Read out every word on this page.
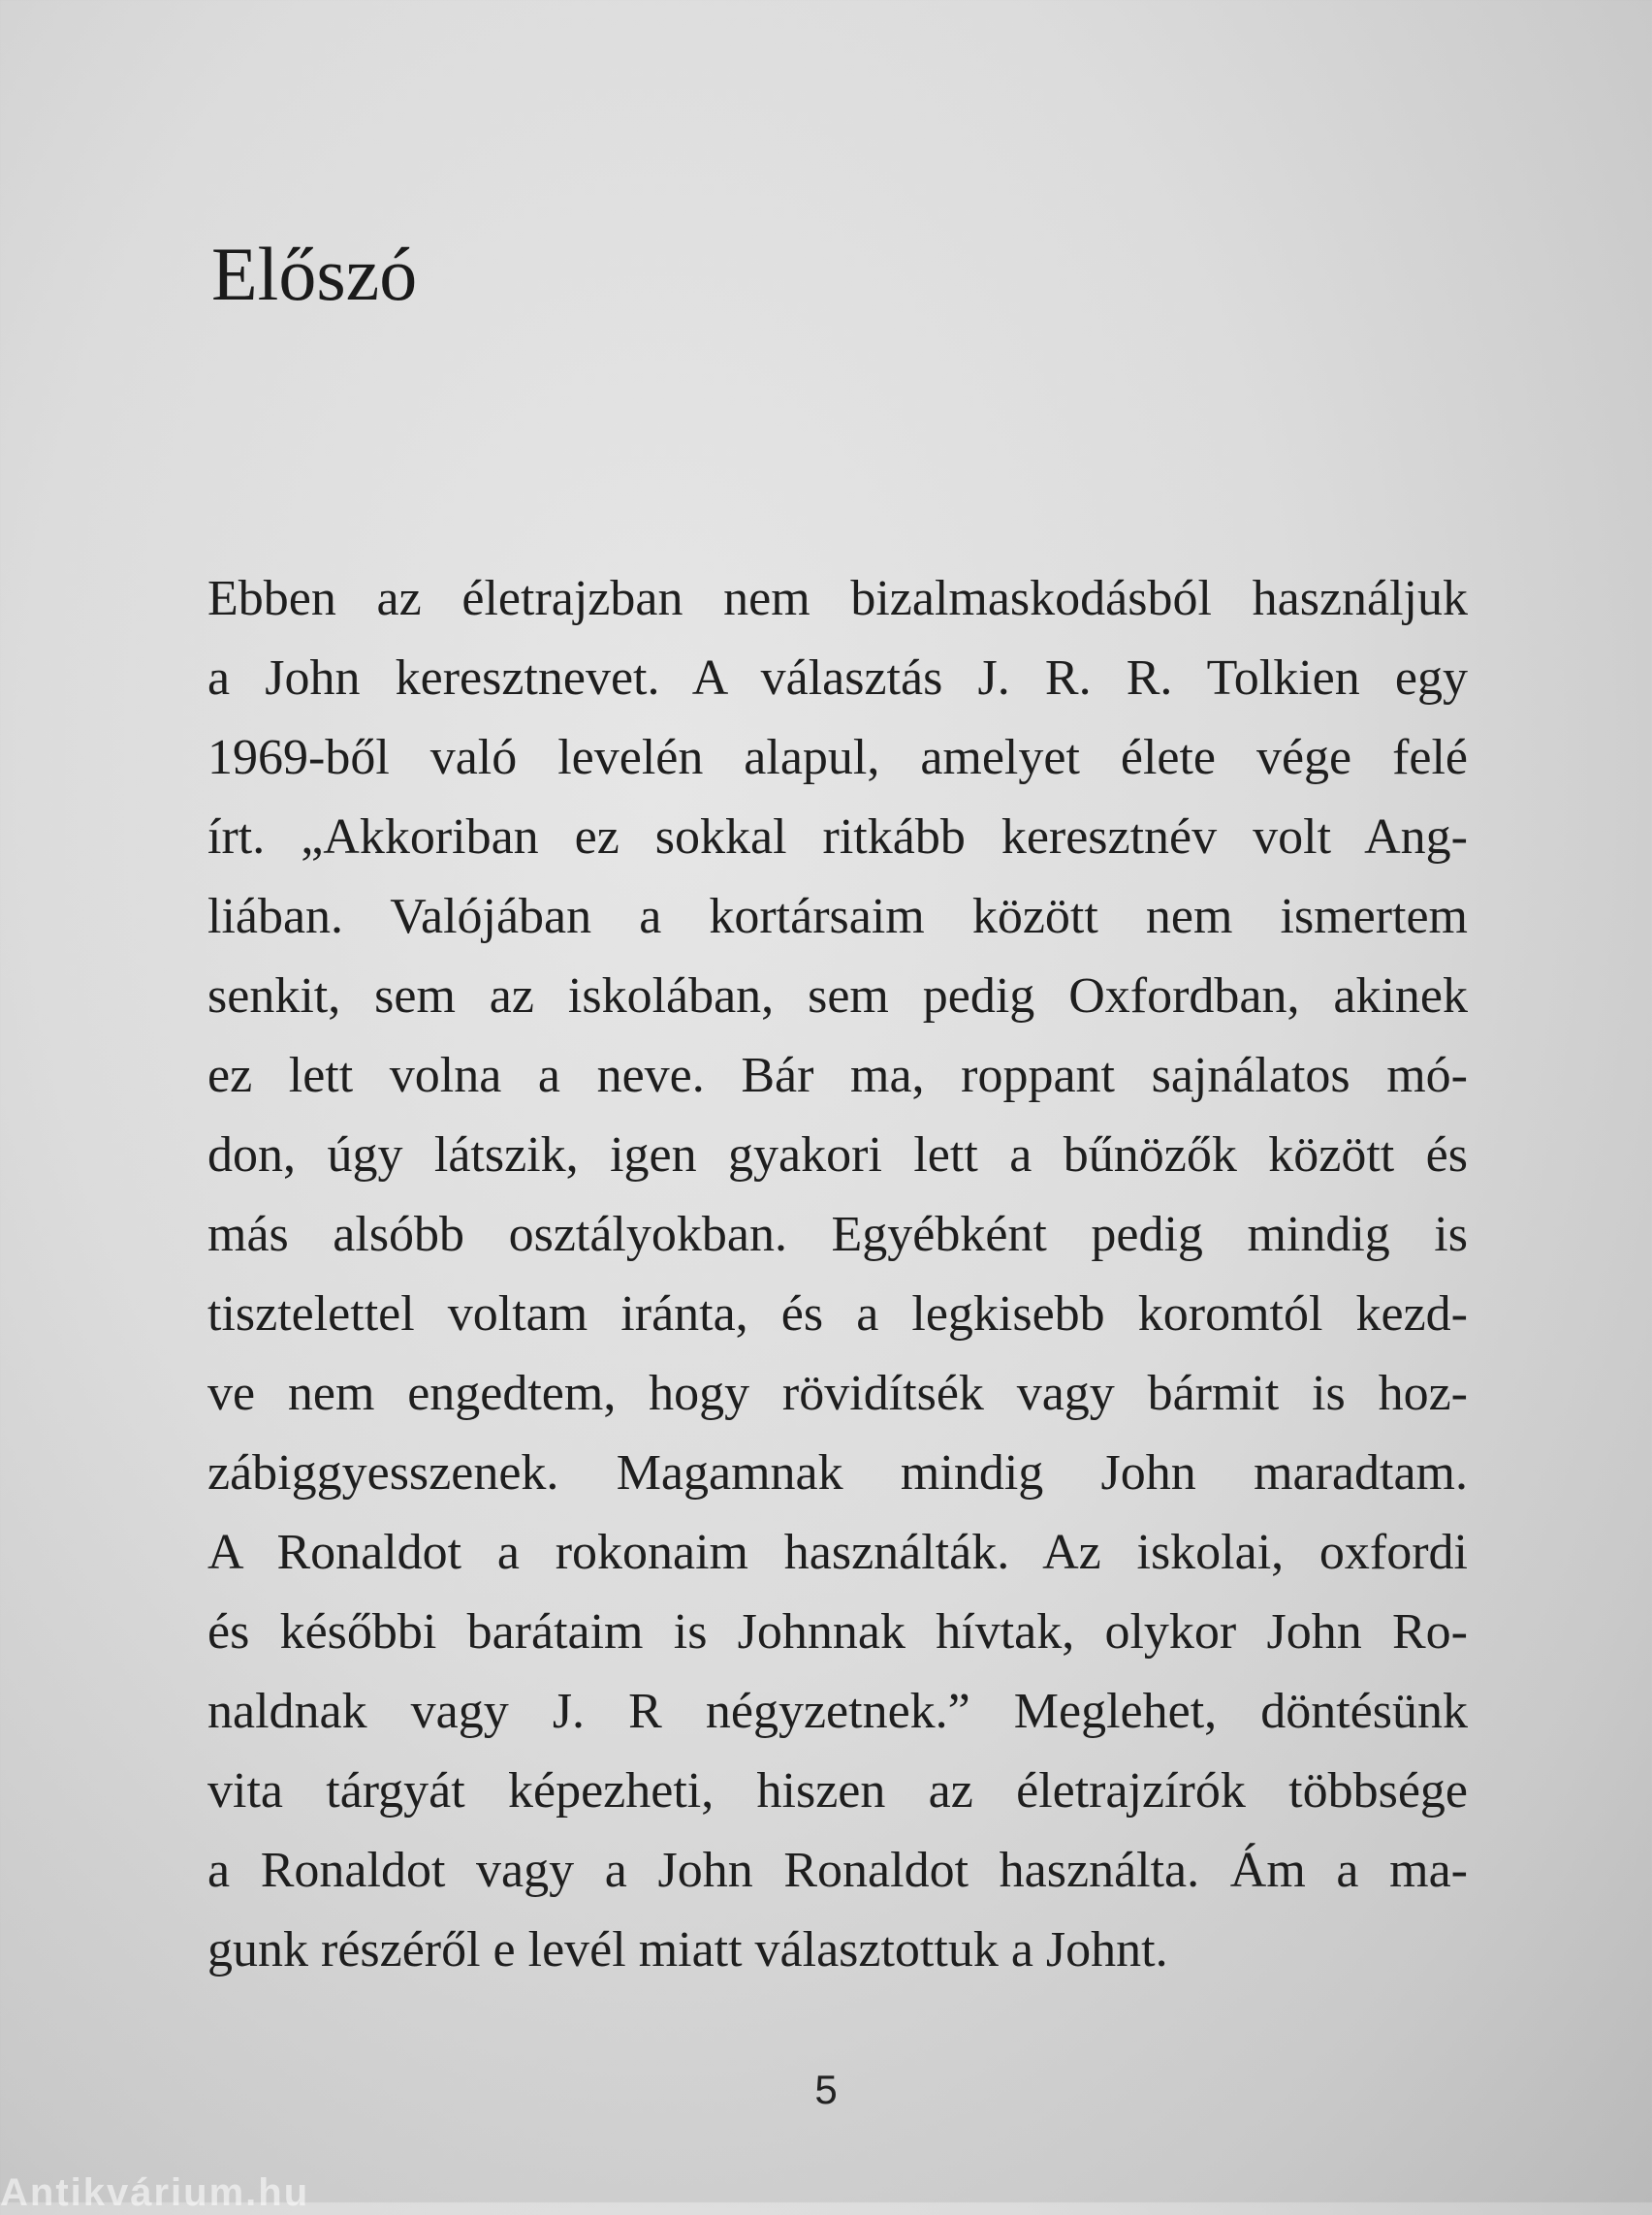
Előszó
Ebben az életrajzban nem bizalmaskodásból használjuk
a John keresztnevet. A választás J. R. R. Tolkien egy
1969-ből való levelén alapul, amelyet élete vége felé
írt. „Akkoriban ez sokkal ritkább keresztnév volt Ang-
liában. Valójában a kortársaim között nem ismertem
senkit, sem az iskolában, sem pedig Oxfordban, akinek
ez lett volna a neve. Bár ma, roppant sajnálatos mó-
don, úgy látszik, igen gyakori lett a bűnözők között és
más alsóbb osztályokban. Egyébként pedig mindig is
tisztelettel voltam iránta, és a legkisebb koromtól kezd-
ve nem engedtem, hogy rövidítsék vagy bármit is hoz-
zábiggyesszenek. Magamnak mindig John maradtam.
A Ronaldot a rokonaim használták. Az iskolai, oxfordi
és későbbi barátaim is Johnnak hívtak, olykor John Ro-
naldnak vagy J. R négyzetnek.” Meglehet, döntésünk
vita tárgyát képezheti, hiszen az életrajzírók többsége
a Ronaldot vagy a John Ronaldot használta. Ám a ma-
gunk részéről e levél miatt választottuk a Johnt.
5
Antikvárium.hu
